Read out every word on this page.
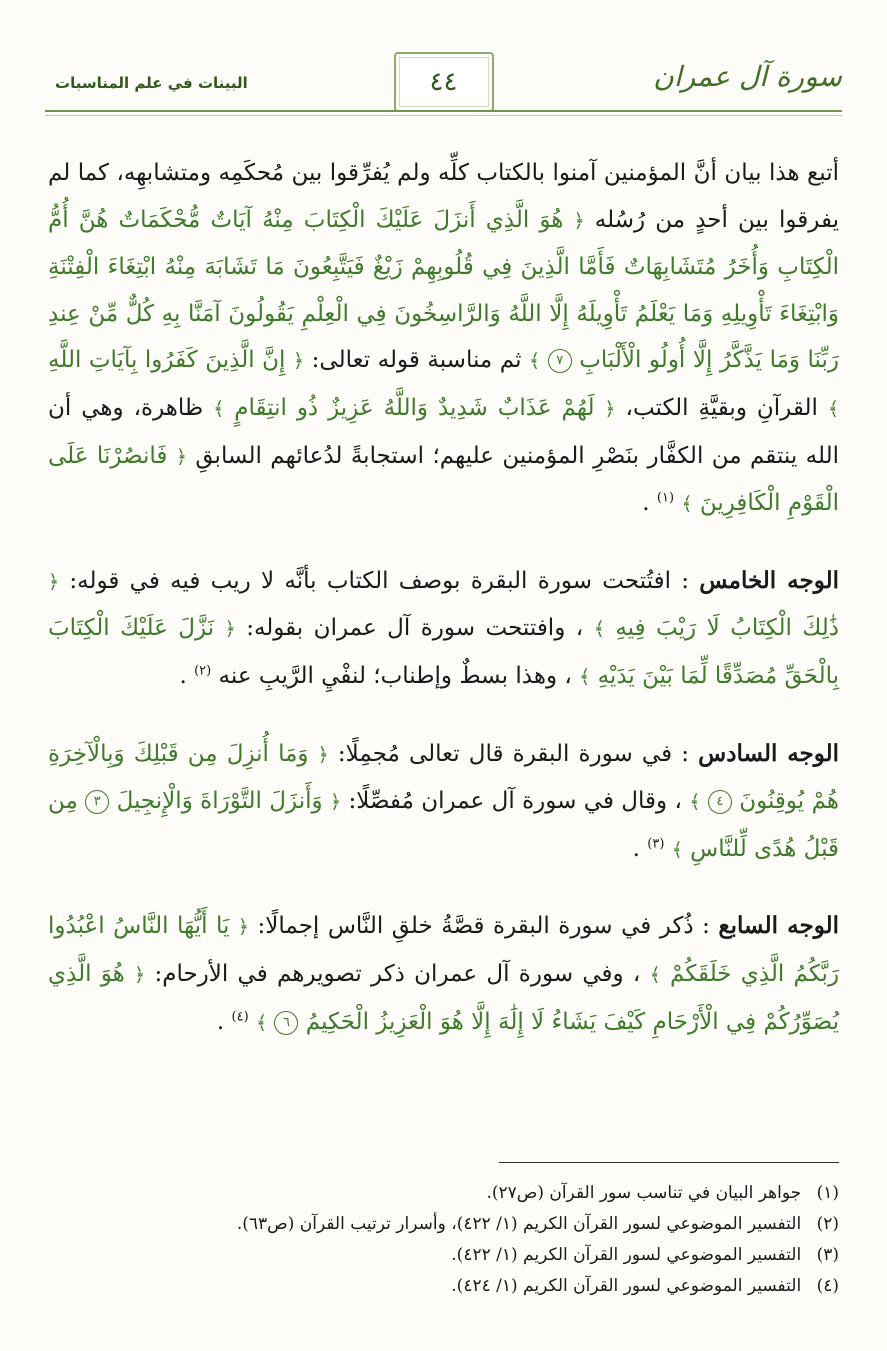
سورة آل عمران
٤٤
البينات في علم المناسبات

أتبع هذا بيان أنَّ المؤمنين آمنوا بالكتاب كلِّه ولم يُفرِّقوا بين مُحكَمِه ومتشابهِه، كما لم يفرقوا بين أحدٍ من رُسُله ﴿ هُوَ الَّذِي أَنزَلَ عَلَيْكَ الْكِتَابَ مِنْهُ آيَاتٌ مُّحْكَمَاتٌ هُنَّ أُمُّ الْكِتَابِ وَأُخَرُ مُتَشَابِهَاتٌ فَأَمَّا الَّذِينَ فِي قُلُوبِهِمْ زَيْغٌ فَيَتَّبِعُونَ مَا تَشَابَهَ مِنْهُ ابْتِغَاءَ الْفِتْنَةِ وَابْتِغَاءَ تَأْوِيلِهِ وَمَا يَعْلَمُ تَأْوِيلَهُ إِلَّا اللَّهُ وَالرَّاسِخُونَ فِي الْعِلْمِ يَقُولُونَ آمَنَّا بِهِ كُلٌّ مِّنْ عِندِ رَبِّنَا وَمَا يَذَّكَّرُ إِلَّا أُولُو الْأَلْبَابِ ٧ ﴾ ثم مناسبة قوله تعالى: ﴿ إِنَّ الَّذِينَ كَفَرُوا بِآيَاتِ اللَّهِ ﴾ القرآنِ وبقيَّةِ الكتب، ﴿ لَهُمْ عَذَابٌ شَدِيدٌ وَاللَّهُ عَزِيزٌ ذُو انتِقَامٍ ﴾ ظاهرة، وهي أن الله ينتقم من الكفَّار بنَصْرِ المؤمنين عليهم؛ استجابةً لدُعائهم السابقِ ﴿ فَانصُرْنَا عَلَى الْقَوْمِ الْكَافِرِينَ ﴾ $^{(١)}$ .

الوجه الخامس : افتُتحت سورة البقرة بوصف الكتاب بأنَّه لا ريب فيه في قوله: ﴿ ذَٰلِكَ الْكِتَابُ لَا رَيْبَ فِيهِ ﴾ ، وافتتحت سورة آل عمران بقوله: ﴿ نَزَّلَ عَلَيْكَ الْكِتَابَ بِالْحَقِّ مُصَدِّقًا لِّمَا بَيْنَ يَدَيْهِ ﴾ ، وهذا بسطٌ وإطناب؛ لنفْيِ الرَّيبِ عنه $^{(٢)}$ .

الوجه السادس : في سورة البقرة قال تعالى مُجمِلًا: ﴿ وَمَا أُنزِلَ مِن قَبْلِكَ وَبِالْآخِرَةِ هُمْ يُوقِنُونَ ٤ ﴾ ، وقال في سورة آل عمران مُفصِّلًا: ﴿ وَأَنزَلَ التَّوْرَاةَ وَالْإِنجِيلَ ٣ مِن قَبْلُ هُدًى لِّلنَّاسِ ﴾ $^{(٣)}$ .

الوجه السابع : ذُكر في سورة البقرة قصَّةُ خلقِ النَّاس إجمالًا: ﴿ يَا أَيُّهَا النَّاسُ اعْبُدُوا رَبَّكُمُ الَّذِي خَلَقَكُمْ ﴾ ، وفي سورة آل عمران ذكر تصويرهم في الأرحام: ﴿ هُوَ الَّذِي يُصَوِّرُكُمْ فِي الْأَرْحَامِ كَيْفَ يَشَاءُ لَا إِلَٰهَ إِلَّا هُوَ الْعَزِيزُ الْحَكِيمُ ٦ ﴾ $^{(٤)}$ .

(١) جواهر البيان في تناسب سور القرآن (ص٢٧).

(٢) التفسير الموضوعي لسور القرآن الكريم (١/ ٤٢٢)، وأسرار ترتيب القرآن (ص٦٣).

(٣) التفسير الموضوعي لسور القرآن الكريم (١/ ٤٢٢).

(٤) التفسير الموضوعي لسور القرآن الكريم (١/ ٤٢٤).
